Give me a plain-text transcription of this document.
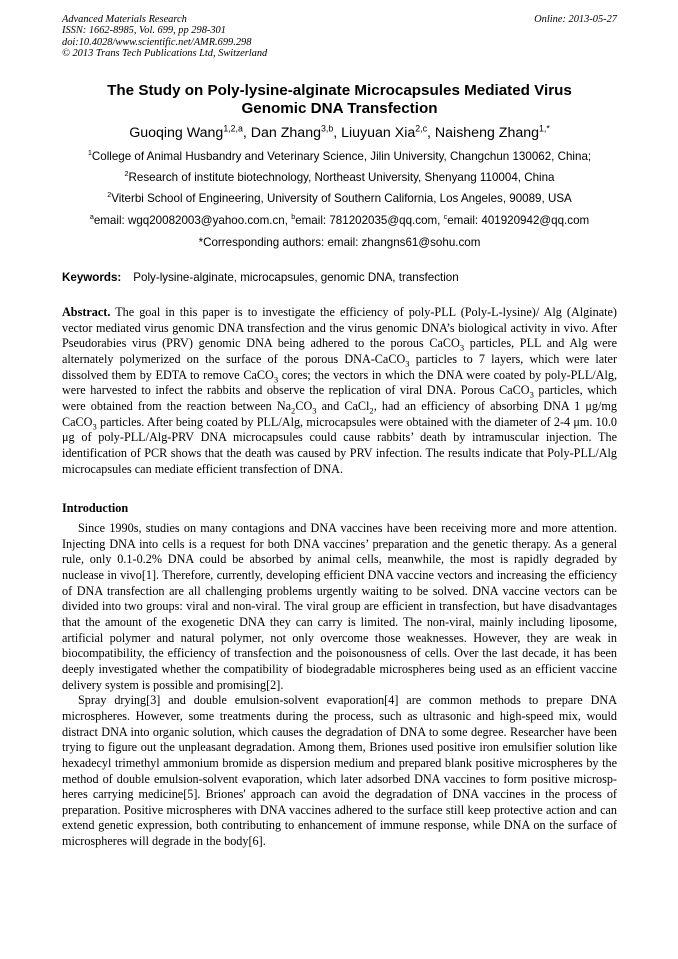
Advanced Materials Research
ISSN: 1662-8985, Vol. 699, pp 298-301
doi:10.4028/www.scientific.net/AMR.699.298
© 2013 Trans Tech Publications Ltd, Switzerland
Online: 2013-05-27
The Study on Poly-lysine-alginate Microcapsules Mediated Virus
Genomic DNA Transfection
Guoqing Wang$^{1,2,a}$, Dan Zhang$^{3,b}$, Liuyuan Xia$^{2,c}$, Naisheng Zhang$^{1,*}$
$^1$College of Animal Husbandry and Veterinary Science, Jilin University, Changchun 130062, China;
$^2$Research of institute biotechnology, Northeast University, Shenyang 110004, China
$^2$Viterbi School of Engineering, University of Southern California, Los Angeles, 90089, USA
$^a$email: wgq20082003@yahoo.com.cn, $^b$email: 781202035@qq.com, $^c$email: 401920942@qq.com
*Corresponding authors: email: zhangns61@sohu.com
Keywords: Poly-lysine-alginate, microcapsules, genomic DNA, transfection
Abstract. The goal in this paper is to investigate the efficiency of poly-PLL (Poly-L-lysine)/ Alg (Alginate) vector mediated virus genomic DNA transfection and the virus genomic DNA’s biological activity in vivo. After Pseudorabies virus (PRV) genomic DNA being adhered to the porous CaCO$_3$ particles, PLL and Alg were alternately polymerized on the surface of the porous DNA-CaCO$_3$ particles to 7 layers, which were later dissolved them by EDTA to remove CaCO$_3$ cores; the vectors in which the DNA were coated by poly-PLL/Alg, were harvested to infect the rabbits and observe the replication of viral DNA. Porous CaCO$_3$ particles, which were obtained from the reaction between $Na_2CO_3$ and CaCl$_2$, had an efficiency of absorbing DNA 1 μg/mg CaCO$_3$ particles. After being coated by PLL/Alg, microcapsules were obtained with the diameter of 2-4 μm. 10.0 μg of poly-PLL/Alg-PRV DNA microcapsules could cause rabbits’ death by intramuscular injection. The identification of PCR shows that the death was caused by PRV infection. The results indicate that Poly-PLL/Alg microcapsules can mediate efficient transfection of DNA.
Introduction

Since 1990s, studies on many contagions and DNA vaccines have been receiving more and more attention. Injecting DNA into cells is a request for both DNA vaccines’ preparation and the genetic therapy. As a general rule, only 0.1-0.2% DNA could be absorbed by animal cells, meanwhile, the most is rapidly degraded by nuclease in vivo[1]. Therefore, currently, developing efficient DNA vaccine vectors and increasing the efficiency of DNA transfection are all challenging problems urgently waiting to be solved. DNA vaccine vectors can be divided into two groups: viral and non-viral. The viral group are efficient in transfection, but have disadvantages that the amount of the exogenetic DNA they can carry is limited. The non-viral, mainly including liposome, artificial polymer and natural polymer, not only overcome those weaknesses. However, they are weak in biocompatibility, the efficiency of transfection and the poisonousness of cells. Over the last decade, it has been deeply investigated whether the compatibility of biodegradable microspheres being used as an efficient vaccine delivery system is possible and promising[2].

Spray drying[3] and double emulsion-solvent evaporation[4] are common methods to prepare DNA microspheres. However, some treatments during the process, such as ultrasonic and high-speed mix, would distract DNA into organic solution, which causes the degradation of DNA to some degree. Researcher have been trying to figure out the unpleasant degradation. Among them, Briones used positive iron emulsifier solution like hexadecyl trimethyl ammonium bromide as dispersion medium and prepared blank positive microspheres by the method of double emulsion-solvent evaporation, which later adsorbed DNA vaccines to form positive microsp-heres carrying medicine[5]. Briones' approach can avoid the degradation of DNA vaccines in the process of preparation. Positive microspheres with DNA vaccines adhered to the surface still keep protective action and can extend genetic expression, both contributing to enhancement of immune response, while DNA on the surface of microspheres will degrade in the body[6].
